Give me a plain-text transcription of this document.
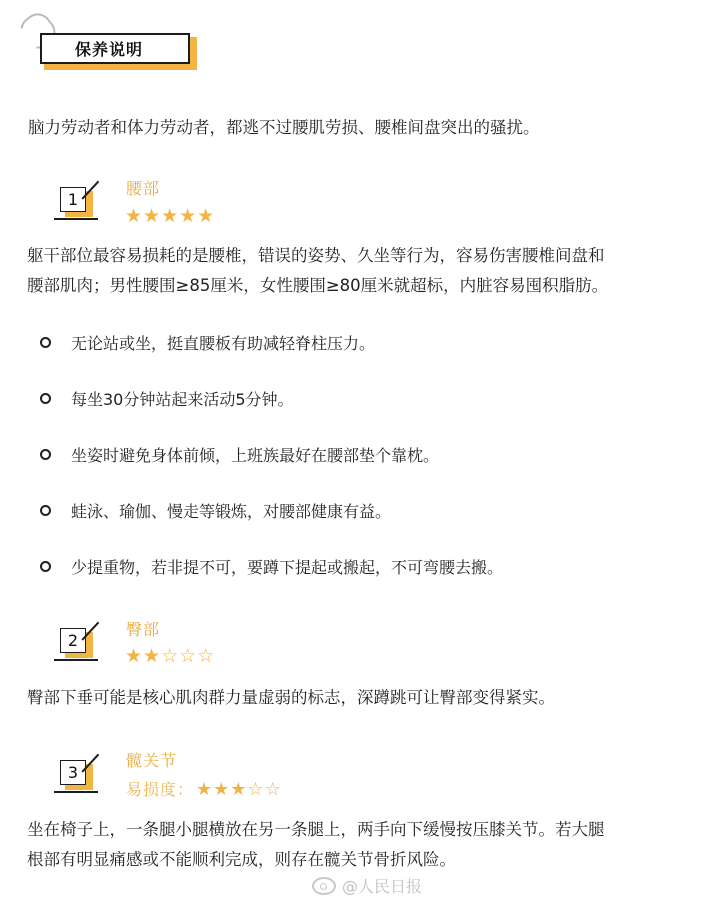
保养说明
脑力劳动者和体力劳动者，都逃不过腰肌劳损、腰椎间盘突出的骚扰。
1
腰部
★★★★★
躯干部位最容易损耗的是腰椎，错误的姿势、久坐等行为，容易伤害腰椎间盘和
腰部肌肉；男性腰围≥85厘米，女性腰围≥80厘米就超标，内脏容易囤积脂肪。
无论站或坐，挺直腰板有助减轻脊柱压力。
每坐30分钟站起来活动5分钟。
坐姿时避免身体前倾，上班族最好在腰部垫个靠枕。
蛙泳、瑜伽、慢走等锻炼，对腰部健康有益。
少提重物，若非提不可，要蹲下提起或搬起，不可弯腰去搬。
2
臀部
★★☆☆☆
臀部下垂可能是核心肌肉群力量虚弱的标志，深蹲跳可让臀部变得紧实。
3
髋关节
易损度： ★★★☆☆
坐在椅子上，一条腿小腿横放在另一条腿上，两手向下缓慢按压膝关节。若大腿
根部有明显痛感或不能顺利完成，则存在髋关节骨折风险。
@人民日报
